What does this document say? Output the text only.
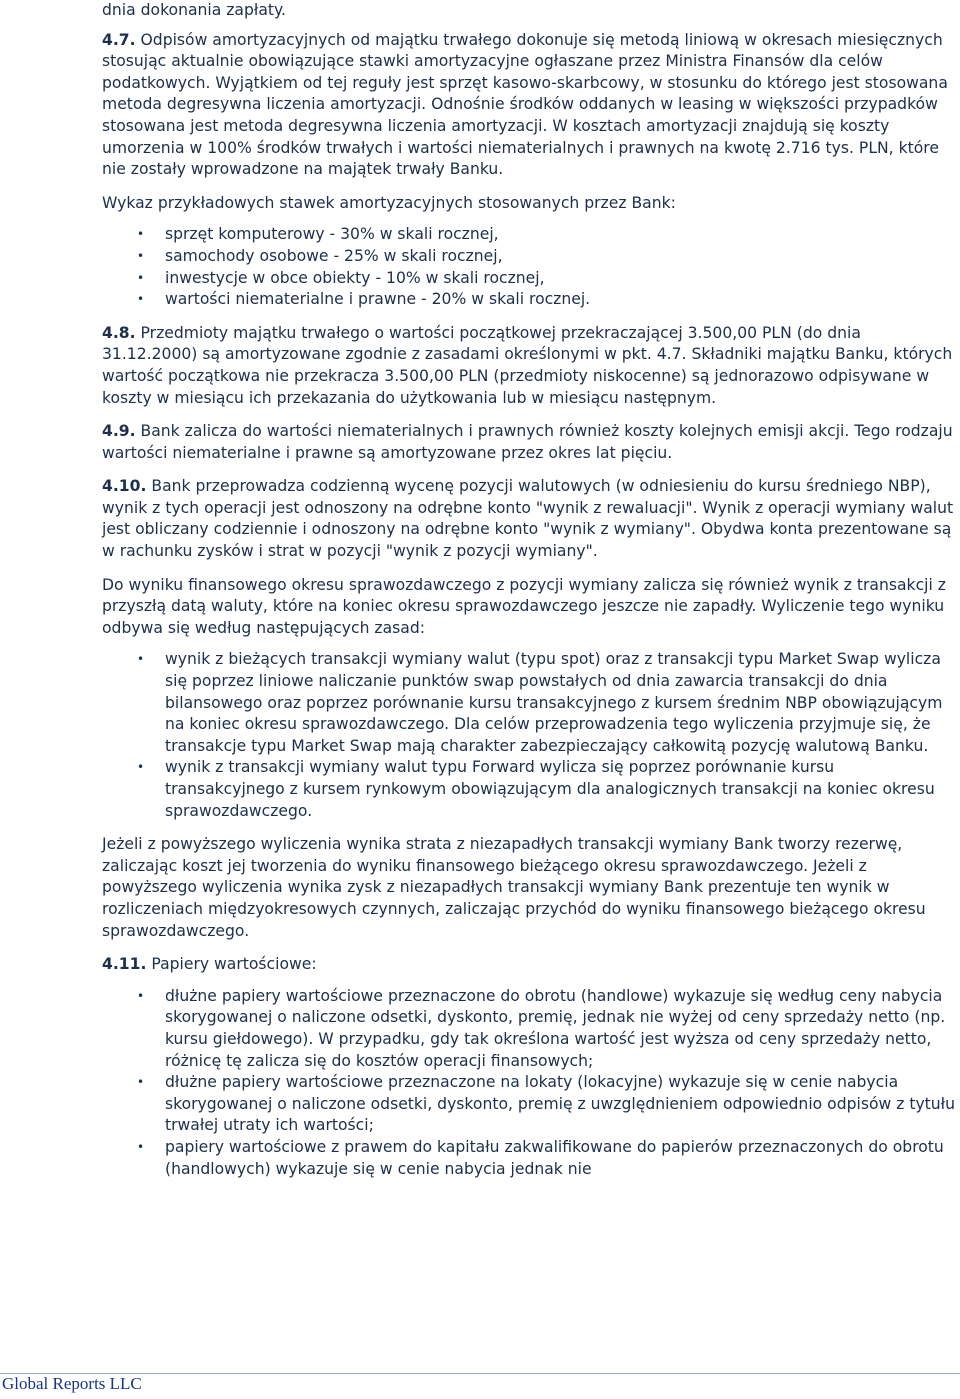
dnia dokonania zapłaty.

4.7. Odpisów amortyzacyjnych od majątku trwałego dokonuje się metodą liniową w okresach miesięcznych stosując aktualnie obowiązujące stawki amortyzacyjne ogłaszane przez Ministra Finansów dla celów podatkowych. Wyjątkiem od tej reguły jest sprzęt kasowo-skarbcowy, w stosunku do którego jest stosowana metoda degresywna liczenia amortyzacji. Odnośnie środków oddanych w leasing w większości przypadków stosowana jest metoda degresywna liczenia amortyzacji. W kosztach amortyzacji znajdują się koszty umorzenia w 100% środków trwałych i wartości niematerialnych i prawnych na kwotę 2.716 tys. PLN, które nie zostały wprowadzone na majątek trwały Banku.

Wykaz przykładowych stawek amortyzacyjnych stosowanych przez Bank:

• sprzęt komputerowy - 30% w skali rocznej,
• samochody osobowe - 25% w skali rocznej,
• inwestycje w obce obiekty - 10% w skali rocznej,
• wartości niematerialne i prawne - 20% w skali rocznej.

4.8. Przedmioty majątku trwałego o wartości początkowej przekraczającej 3.500,00 PLN (do dnia 31.12.2000) są amortyzowane zgodnie z zasadami określonymi w pkt. 4.7. Składniki majątku Banku, których wartość początkowa nie przekracza 3.500,00 PLN (przedmioty niskocenne) są jednorazowo odpisywane w koszty w miesiącu ich przekazania do użytkowania lub w miesiącu następnym.

4.9. Bank zalicza do wartości niematerialnych i prawnych również koszty kolejnych emisji akcji. Tego rodzaju wartości niematerialne i prawne są amortyzowane przez okres lat pięciu.

4.10. Bank przeprowadza codzienną wycenę pozycji walutowych (w odniesieniu do kursu średniego NBP), wynik z tych operacji jest odnoszony na odrębne konto "wynik z rewaluacji". Wynik z operacji wymiany walut jest obliczany codziennie i odnoszony na odrębne konto "wynik z wymiany". Obydwa konta prezentowane są w rachunku zysków i strat w pozycji "wynik z pozycji wymiany".

Do wyniku finansowego okresu sprawozdawczego z pozycji wymiany zalicza się również wynik z transakcji z przyszłą datą waluty, które na koniec okresu sprawozdawczego jeszcze nie zapadły. Wyliczenie tego wyniku odbywa się według następujących zasad:

• wynik z bieżących transakcji wymiany walut (typu spot) oraz z transakcji typu Market Swap wylicza się poprzez liniowe naliczanie punktów swap powstałych od dnia zawarcia transakcji do dnia bilansowego oraz poprzez porównanie kursu transakcyjnego z kursem średnim NBP obowiązującym na koniec okresu sprawozdawczego. Dla celów przeprowadzenia tego wyliczenia przyjmuje się, że transakcje typu Market Swap mają charakter zabezpieczający całkowitą pozycję walutową Banku.
• wynik z transakcji wymiany walut typu Forward wylicza się poprzez porównanie kursu transakcyjnego z kursem rynkowym obowiązującym dla analogicznych transakcji na koniec okresu sprawozdawczego.

Jeżeli z powyższego wyliczenia wynika strata z niezapadłych transakcji wymiany Bank tworzy rezerwę, zaliczając koszt jej tworzenia do wyniku finansowego bieżącego okresu sprawozdawczego. Jeżeli z powyższego wyliczenia wynika zysk z niezapadłych transakcji wymiany Bank prezentuje ten wynik w rozliczeniach międzyokresowych czynnych, zaliczając przychód do wyniku finansowego bieżącego okresu sprawozdawczego.

4.11. Papiery wartościowe:

• dłużne papiery wartościowe przeznaczone do obrotu (handlowe) wykazuje się według ceny nabycia skorygowanej o naliczone odsetki, dyskonto, premię, jednak nie wyżej od ceny sprzedaży netto (np. kursu giełdowego). W przypadku, gdy tak określona wartość jest wyższa od ceny sprzedaży netto, różnicę tę zalicza się do kosztów operacji finansowych;
• dłużne papiery wartościowe przeznaczone na lokaty (lokacyjne) wykazuje się w cenie nabycia skorygowanej o naliczone odsetki, dyskonto, premię z uwzględnieniem odpowiednio odpisów z tytułu trwałej utraty ich wartości;
• papiery wartościowe z prawem do kapitału zakwalifikowane do papierów przeznaczonych do obrotu (handlowych) wykazuje się w cenie nabycia jednak nie
Global Reports LLC
